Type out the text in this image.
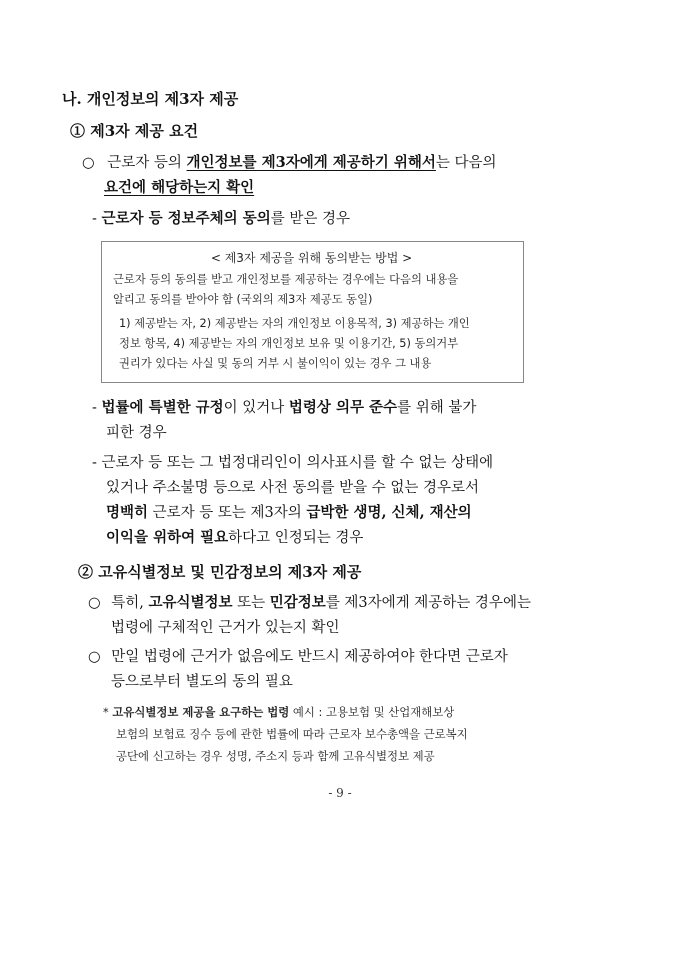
나. 개인정보의 제3자 제공
① 제3자 제공 요건
○ 근로자 등의 개인정보를 제3자에게 제공하기 위해서는 다음의
요건에 해당하는지 확인
- 근로자 등 정보주체의 동의를 받은 경우
< 제3자 제공을 위해 동의받는 방법 >
근로자 등의 동의를 받고 개인정보를 제공하는 경우에는 다음의 내용을
알리고 동의를 받아야 함 (국외의 제3자 제공도 동일)
1) 제공받는 자, 2) 제공받는 자의 개인정보 이용목적, 3) 제공하는 개인
정보 항목, 4) 제공받는 자의 개인정보 보유 및 이용기간, 5) 동의거부
권리가 있다는 사실 및 동의 거부 시 불이익이 있는 경우 그 내용
- 법률에 특별한 규정이 있거나 법령상 의무 준수를 위해 불가
피한 경우
- 근로자 등 또는 그 법정대리인이 의사표시를 할 수 없는 상태에
있거나 주소불명 등으로 사전 동의를 받을 수 없는 경우로서
명백히 근로자 등 또는 제3자의 급박한 생명, 신체, 재산의
이익을 위하여 필요하다고 인정되는 경우
② 고유식별정보 및 민감정보의 제3자 제공
○ 특히, 고유식별정보 또는 민감정보를 제3자에게 제공하는 경우에는
법령에 구체적인 근거가 있는지 확인
○ 만일 법령에 근거가 없음에도 반드시 제공하여야 한다면 근로자
등으로부터 별도의 동의 필요
* 고유식별정보 제공을 요구하는 법령 예시 : 고용보험 및 산업재해보상
보험의 보험료 징수 등에 관한 법률에 따라 근로자 보수총액을 근로복지
공단에 신고하는 경우 성명, 주소지 등과 함께 고유식별정보 제공
- 9 -
